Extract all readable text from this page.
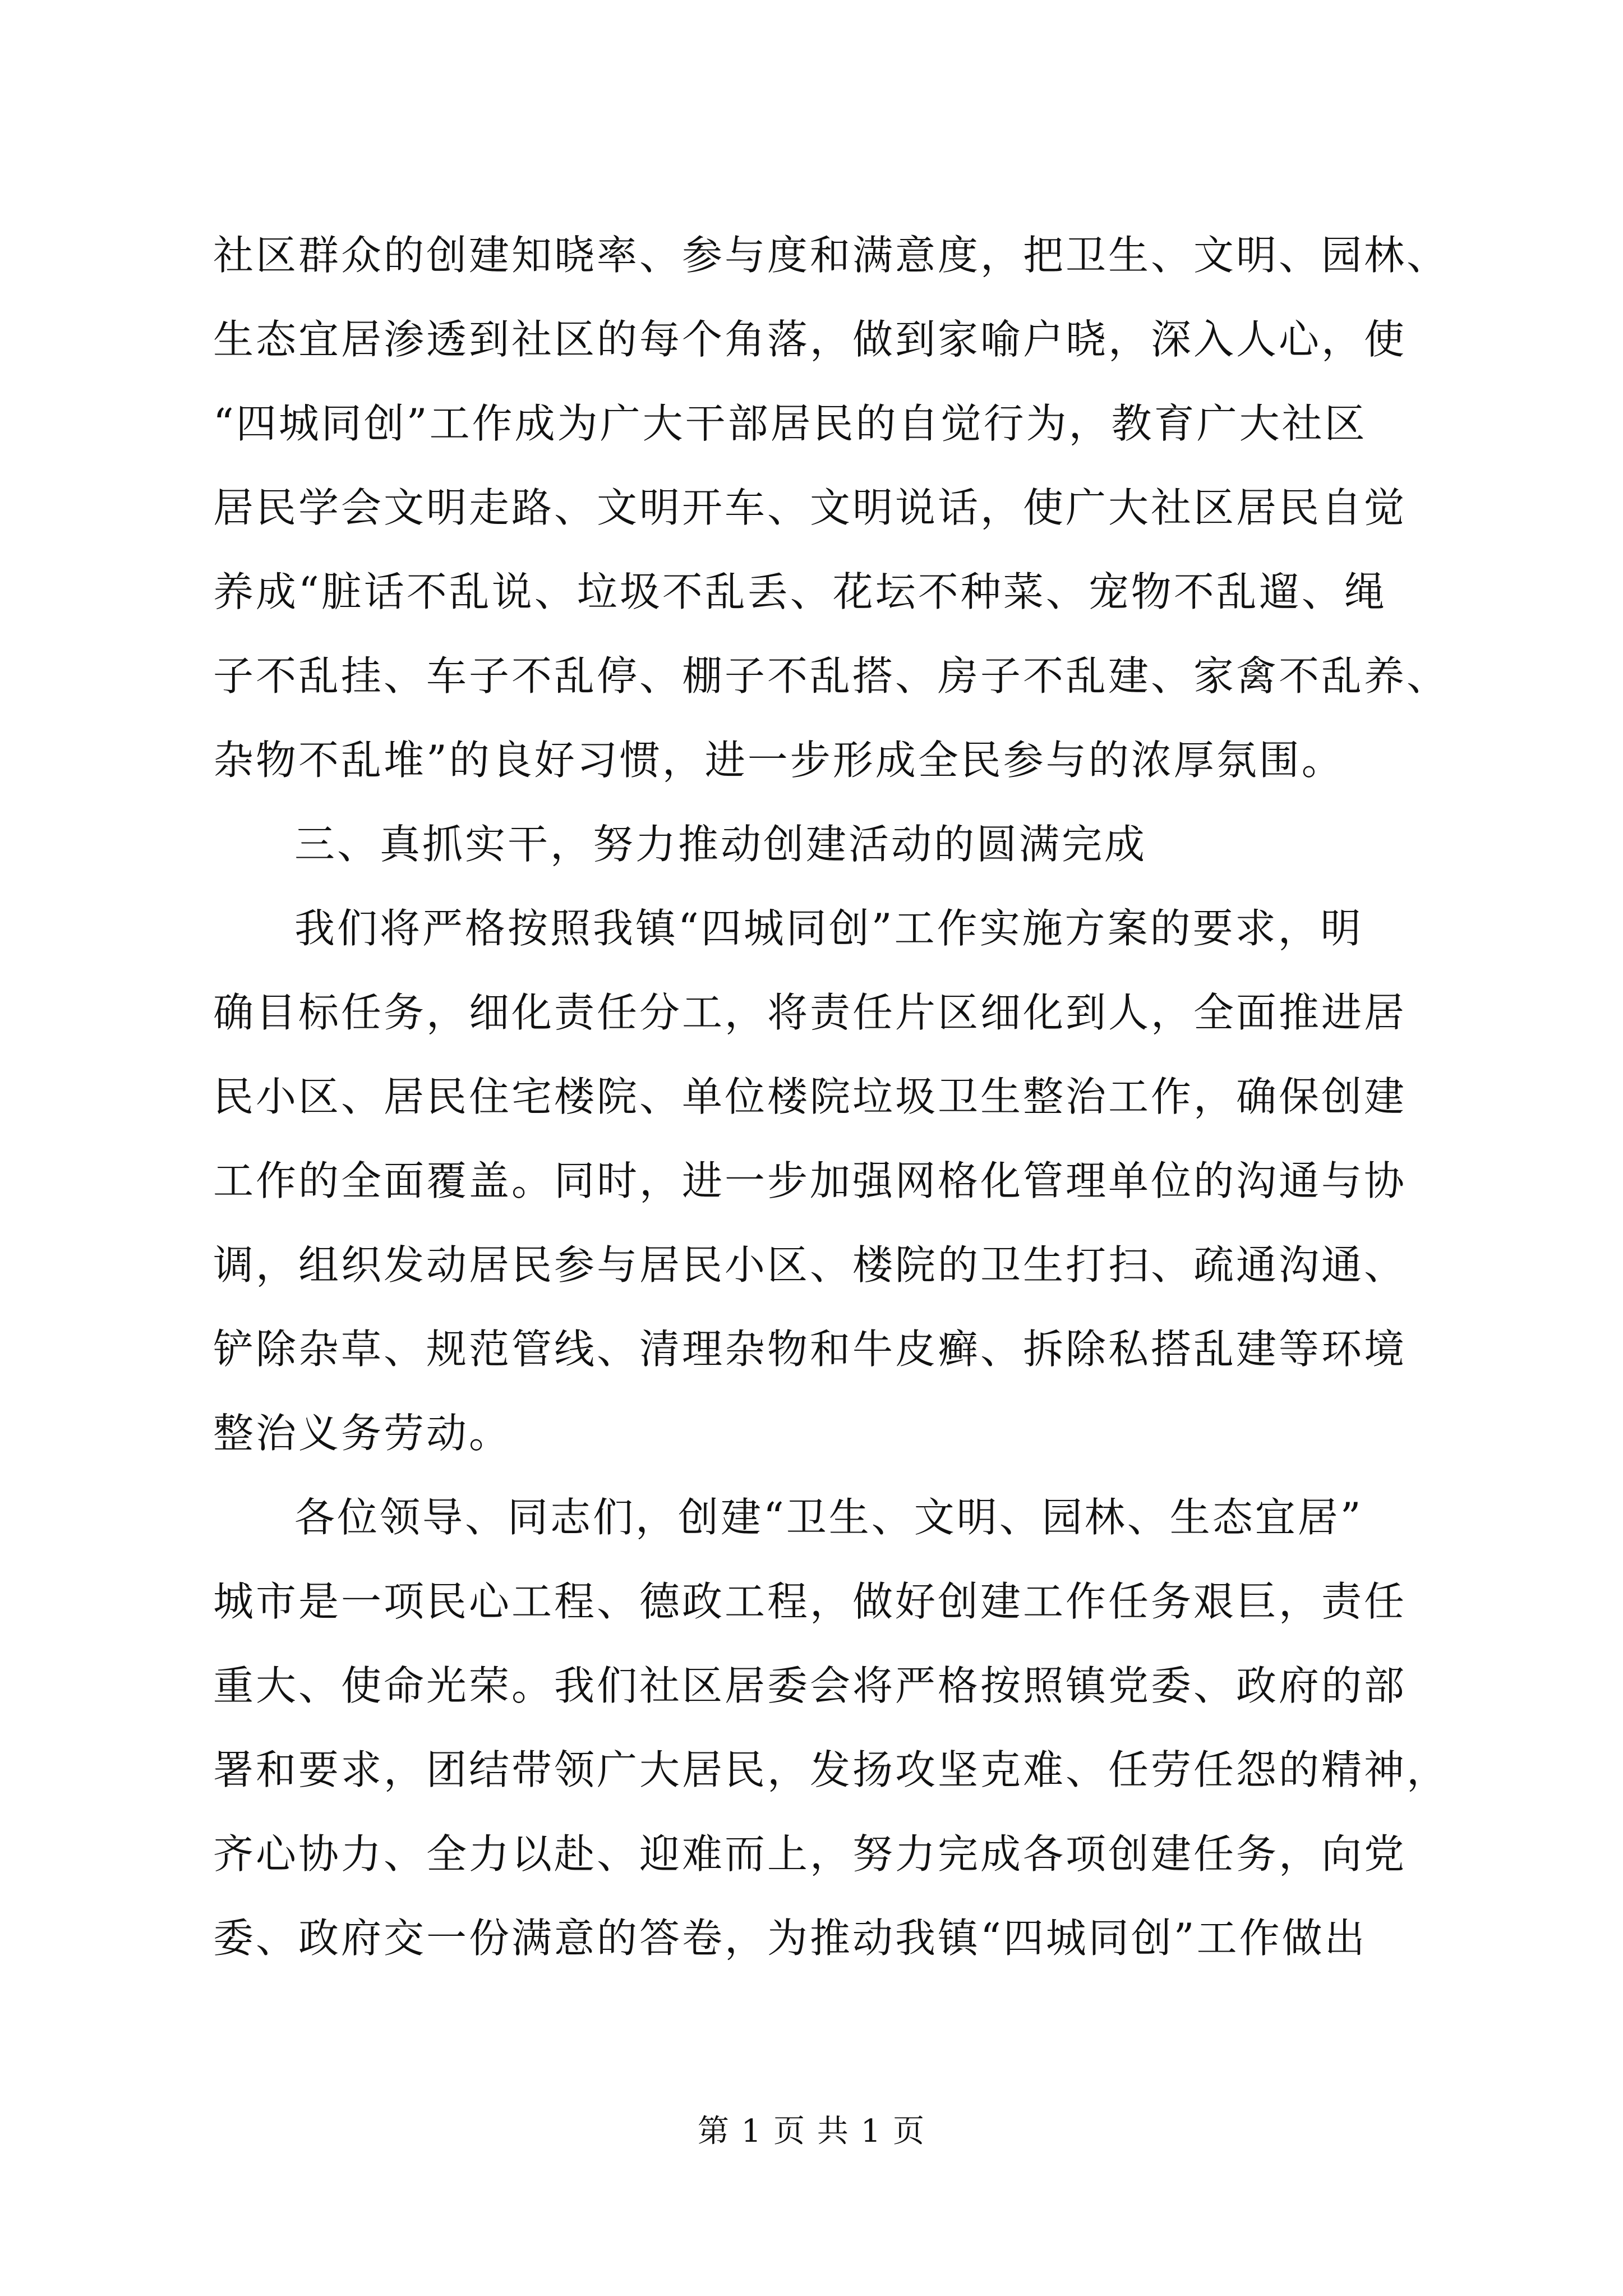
社区群众的创建知晓率、参与度和满意度，把卫生、文明、园林、
生态宜居渗透到社区的每个角落，做到家喻户晓，深入人心，使
“四城同创”工作成为广大干部居民的自觉行为，教育广大社区
居民学会文明走路、文明开车、文明说话，使广大社区居民自觉
养成“脏话不乱说、垃圾不乱丢、花坛不种菜、宠物不乱遛、绳
子不乱挂、车子不乱停、棚子不乱搭、房子不乱建、家禽不乱养、
杂物不乱堆”的良好习惯，进一步形成全民参与的浓厚氛围。
三、真抓实干，努力推动创建活动的圆满完成
我们将严格按照我镇“四城同创”工作实施方案的要求，明
确目标任务，细化责任分工，将责任片区细化到人，全面推进居
民小区、居民住宅楼院、单位楼院垃圾卫生整治工作，确保创建
工作的全面覆盖。同时，进一步加强网格化管理单位的沟通与协
调，组织发动居民参与居民小区、楼院的卫生打扫、疏通沟通、
铲除杂草、规范管线、清理杂物和牛皮癣、拆除私搭乱建等环境
整治义务劳动。
各位领导、同志们，创建“卫生、文明、园林、生态宜居”
城市是一项民心工程、德政工程，做好创建工作任务艰巨，责任
重大、使命光荣。我们社区居委会将严格按照镇党委、政府的部
署和要求，团结带领广大居民，发扬攻坚克难、任劳任怨的精神，
齐心协力、全力以赴、迎难而上，努力完成各项创建任务，向党
委、政府交一份满意的答卷，为推动我镇“四城同创”工作做出
第 1 页 共 1 页
